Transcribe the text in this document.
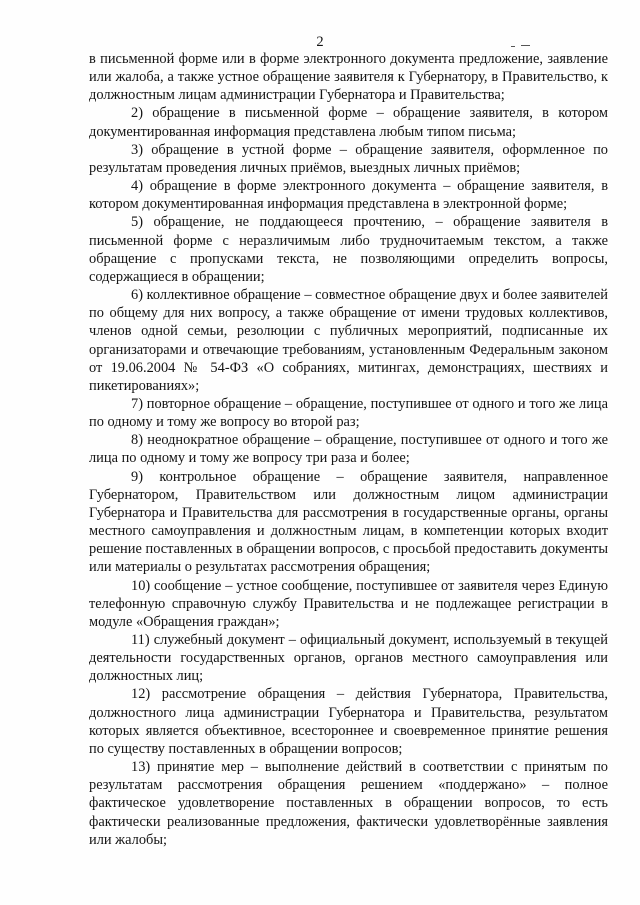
2

в письменной форме или в форме электронного документа предложение, заявление или жалоба, а также устное обращение заявителя к Губернатору, в Правительство, к должностным лицам администрации Губернатора и Правительства;

2) обращение в письменной форме – обращение заявителя, в котором документированная информация представлена любым типом письма;

3) обращение в устной форме – обращение заявителя, оформленное по результатам проведения личных приёмов, выездных личных приёмов;

4) обращение в форме электронного документа – обращение заявителя, в котором документированная информация представлена в электронной форме;

5) обращение, не поддающееся прочтению, – обращение заявителя в письменной форме с неразличимым либо трудночитаемым текстом, а также обращение с пропусками текста, не позволяющими определить вопросы, содержащиеся в обращении;

6) коллективное обращение – совместное обращение двух и более заявителей по общему для них вопросу, а также обращение от имени трудовых коллективов, членов одной семьи, резолюции с публичных мероприятий, подписанные их организаторами и отвечающие требованиям, установленным Федеральным законом от 19.06.2004 № 54-ФЗ «О собраниях, митингах, демонстрациях, шествиях и пикетированиях»;

7) повторное обращение – обращение, поступившее от одного и того же лица по одному и тому же вопросу во второй раз;

8) неоднократное обращение – обращение, поступившее от одного и того же лица по одному и тому же вопросу три раза и более;

9) контрольное обращение – обращение заявителя, направленное Губернатором, Правительством или должностным лицом администрации Губернатора и Правительства для рассмотрения в государственные органы, органы местного самоуправления и должностным лицам, в компетенции которых входит решение поставленных в обращении вопросов, с просьбой предоставить документы или материалы о результатах рассмотрения обращения;

10) сообщение – устное сообщение, поступившее от заявителя через Единую телефонную справочную службу Правительства и не подлежащее регистрации в модуле «Обращения граждан»;

11) служебный документ – официальный документ, используемый в текущей деятельности государственных органов, органов местного самоуправления или должностных лиц;

12) рассмотрение обращения – действия Губернатора, Правительства, должностного лица администрации Губернатора и Правительства, результатом которых является объективное, всестороннее и своевременное принятие решения по существу поставленных в обращении вопросов;

13) принятие мер – выполнение действий в соответствии с принятым по результатам рассмотрения обращения решением «поддержано» – полное фактическое удовлетворение поставленных в обращении вопросов, то есть фактически реализованные предложения, фактически удовлетворённые заявления или жалобы;
